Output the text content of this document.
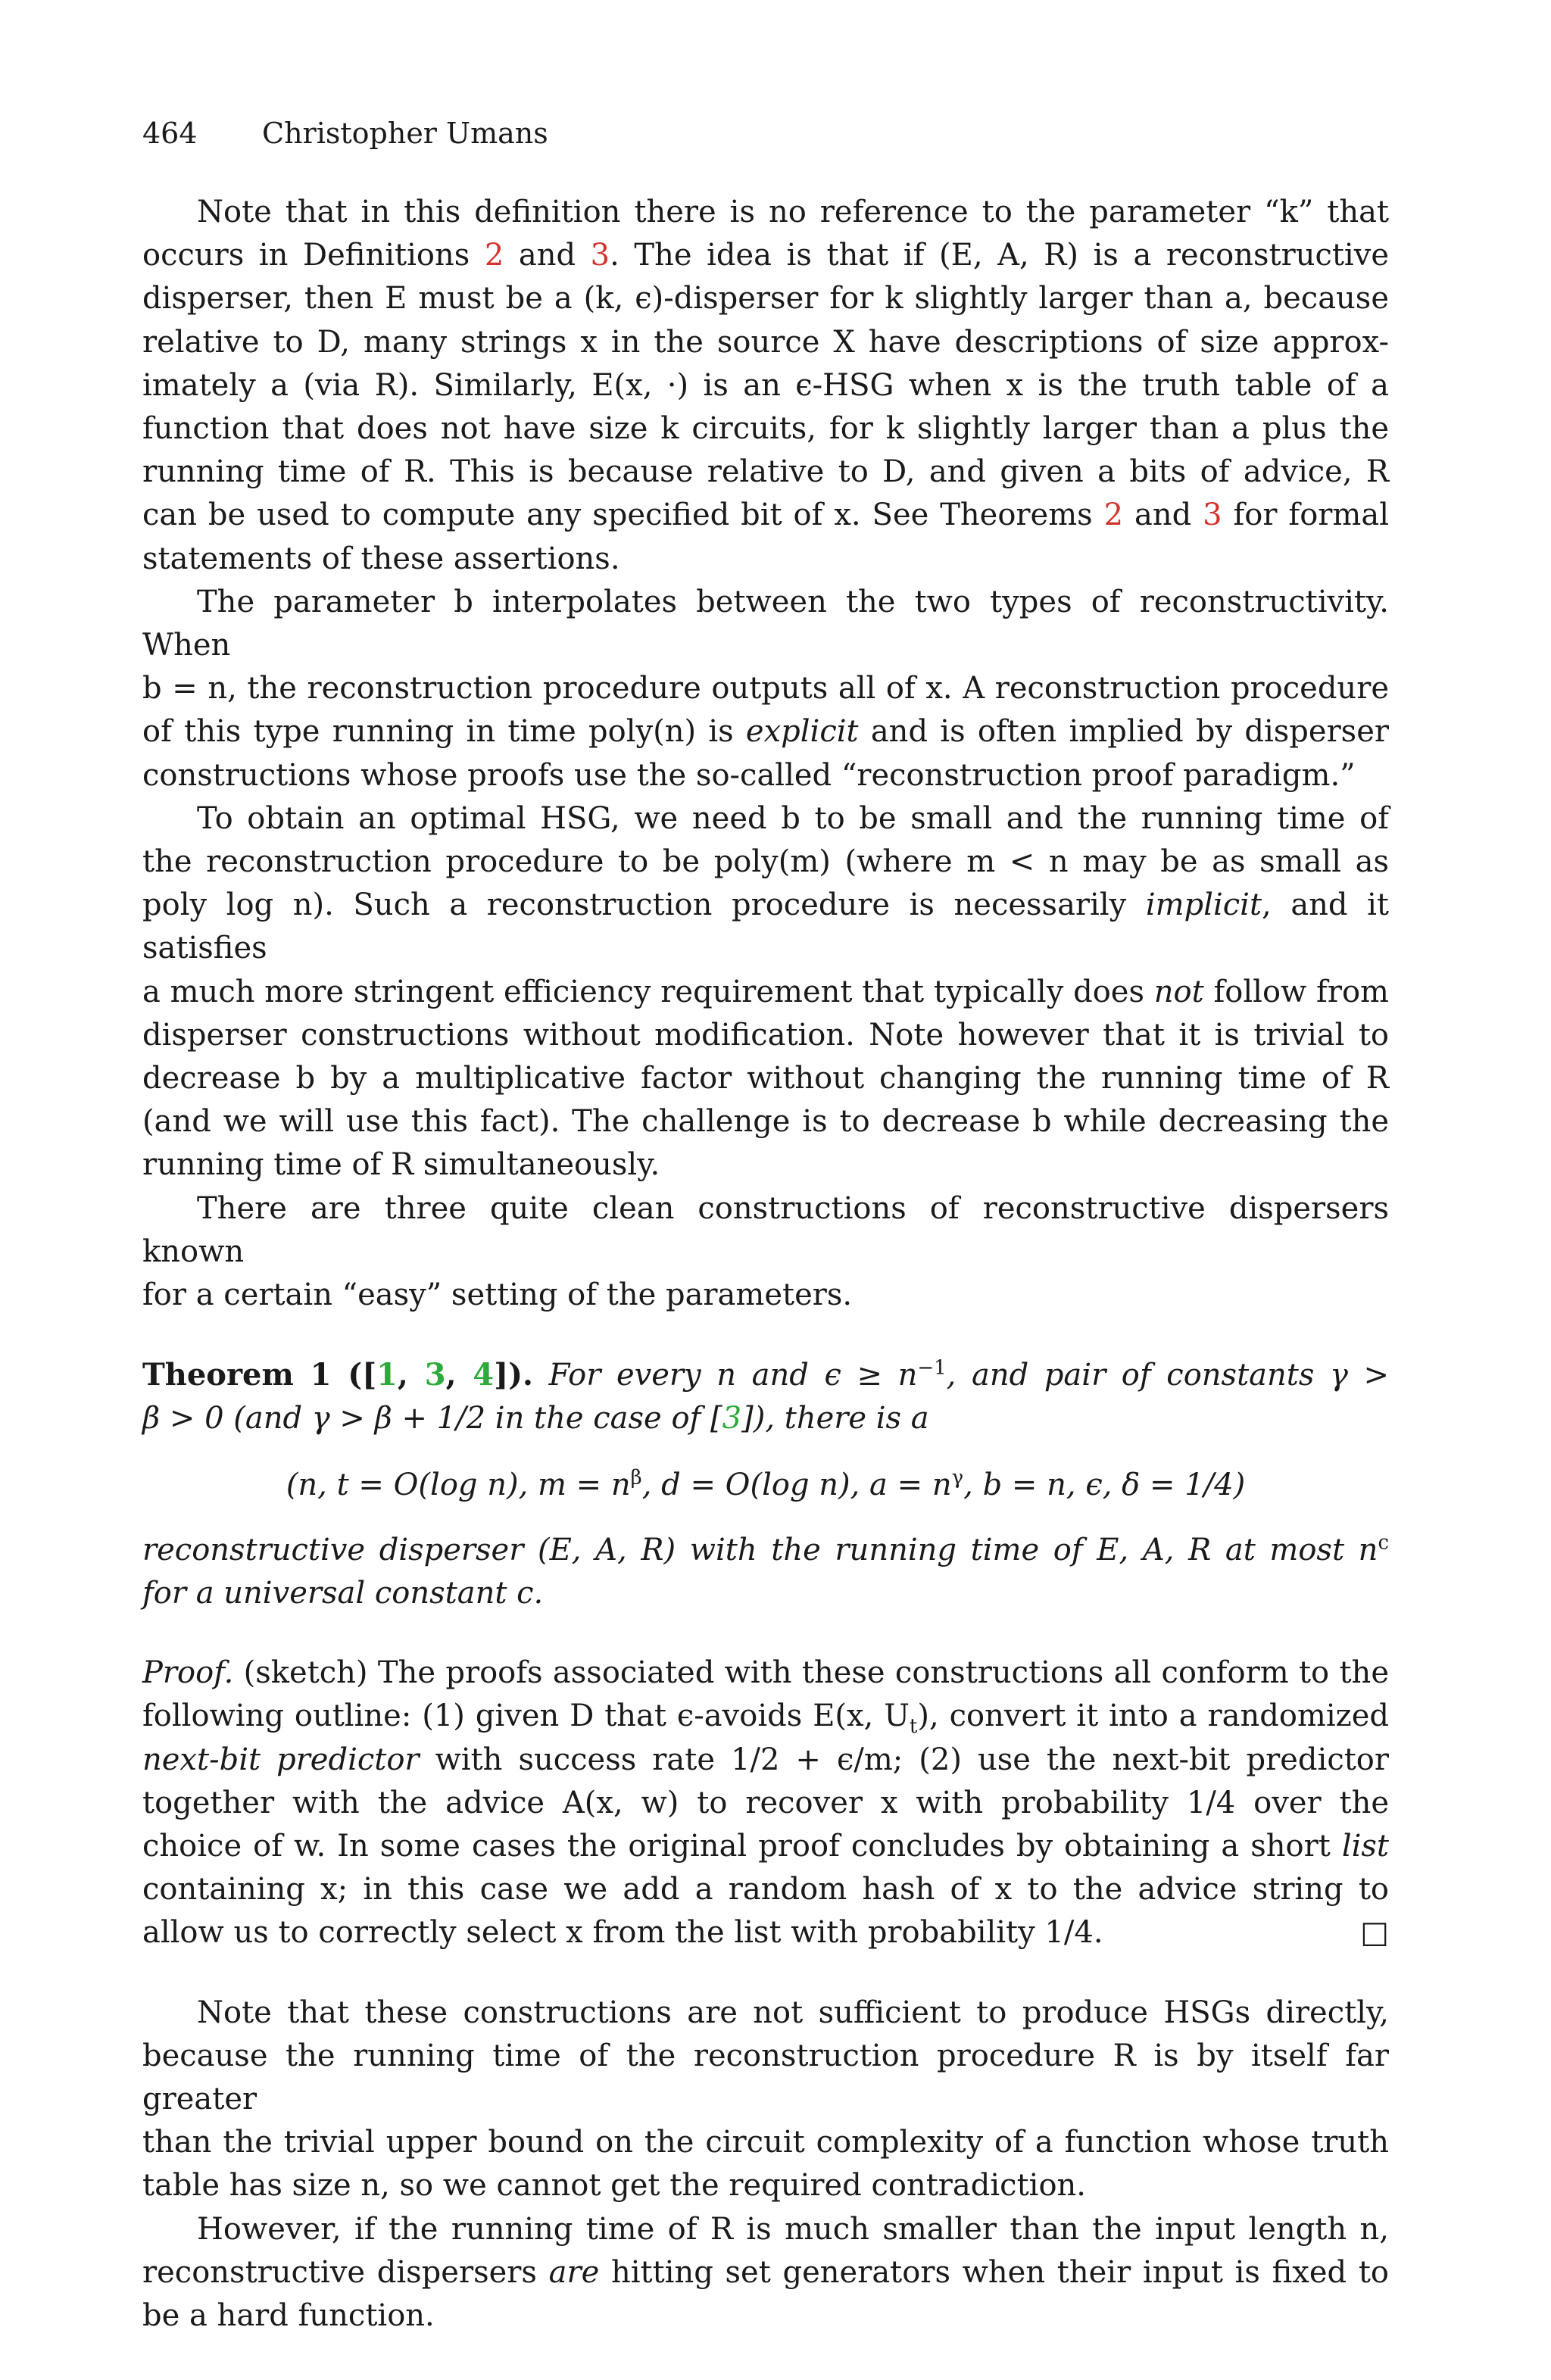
464 Christopher Umans
Note that in this definition there is no reference to the parameter “k” that
occurs in Definitions 2 and 3. The idea is that if (E, A, R) is a reconstructive
disperser, then E must be a (k, ϵ)-disperser for k slightly larger than a, because
relative to D, many strings x in the source X have descriptions of size approx-
imately a (via R). Similarly, E(x, ·) is an ϵ-HSG when x is the truth table of a
function that does not have size k circuits, for k slightly larger than a plus the
running time of R. This is because relative to D, and given a bits of advice, R
can be used to compute any specified bit of x. See Theorems 2 and 3 for formal
statements of these assertions.
The parameter b interpolates between the two types of reconstructivity. When
b = n, the reconstruction procedure outputs all of x. A reconstruction procedure
of this type running in time poly(n) is explicit and is often implied by disperser
constructions whose proofs use the so-called “reconstruction proof paradigm.”
To obtain an optimal HSG, we need b to be small and the running time of
the reconstruction procedure to be poly(m) (where m < n may be as small as
poly log n). Such a reconstruction procedure is necessarily implicit, and it satisfies
a much more stringent efficiency requirement that typically does not follow from
disperser constructions without modification. Note however that it is trivial to
decrease b by a multiplicative factor without changing the running time of R
(and we will use this fact). The challenge is to decrease b while decreasing the
running time of R simultaneously.
There are three quite clean constructions of reconstructive dispersers known
for a certain “easy” setting of the parameters.
Theorem 1 ([1, 3, 4]). For every n and $\epsilon \ge n^{-1}$, and pair of constants γ >
β > 0 (and γ > β + 1/2 in the case of [3]), there is a
(n, t = O(log n), $m = n^\beta$, d = O(log n), $a = n^\gamma$, b = n, ϵ, δ = 1/4)
reconstructive disperser (E, A, R) with the running time of E, A, R at most $n^c$
for a universal constant c.
Proof. (sketch) The proofs associated with these constructions all conform to the
following outline: (1) given D that ϵ-avoids E(x, $U_t$), convert it into a randomized
next-bit predictor with success rate 1/2 + ϵ/m; (2) use the next-bit predictor
together with the advice A(x, w) to recover x with probability 1/4 over the
choice of w. In some cases the original proof concludes by obtaining a short list
containing x; in this case we add a random hash of x to the advice string to
allow us to correctly select x from the list with probability 1/4.	□
Note that these constructions are not sufficient to produce HSGs directly,
because the running time of the reconstruction procedure R is by itself far greater
than the trivial upper bound on the circuit complexity of a function whose truth
table has size n, so we cannot get the required contradiction.
However, if the running time of R is much smaller than the input length n,
reconstructive dispersers are hitting set generators when their input is fixed to
be a hard function.
